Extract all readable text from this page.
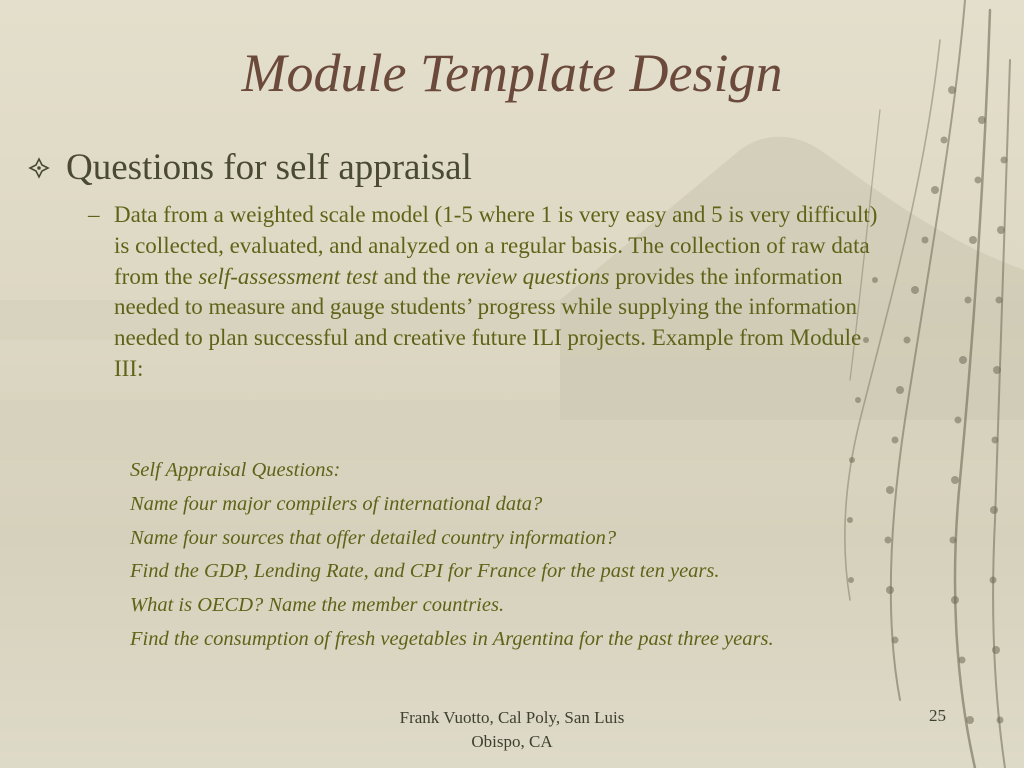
Module Template Design
Questions for self appraisal
– Data from a weighted scale model (1-5 where 1 is very easy and 5 is very difficult) is collected, evaluated, and analyzed on a regular basis. The collection of raw data from the self-assessment test and the review questions provides the information needed to measure and gauge students’ progress while supplying the information needed to plan successful and creative future ILI projects. Example from Module III:

Self Appraisal Questions:

Name four major compilers of international data?

Name four sources that offer detailed country information?

Find the GDP, Lending Rate, and CPI for France for the past ten years.

What is OECD? Name the member countries.

Find the consumption of fresh vegetables in Argentina for the past three years.

Frank Vuotto, Cal Poly, San Luis Obispo, CA
25
